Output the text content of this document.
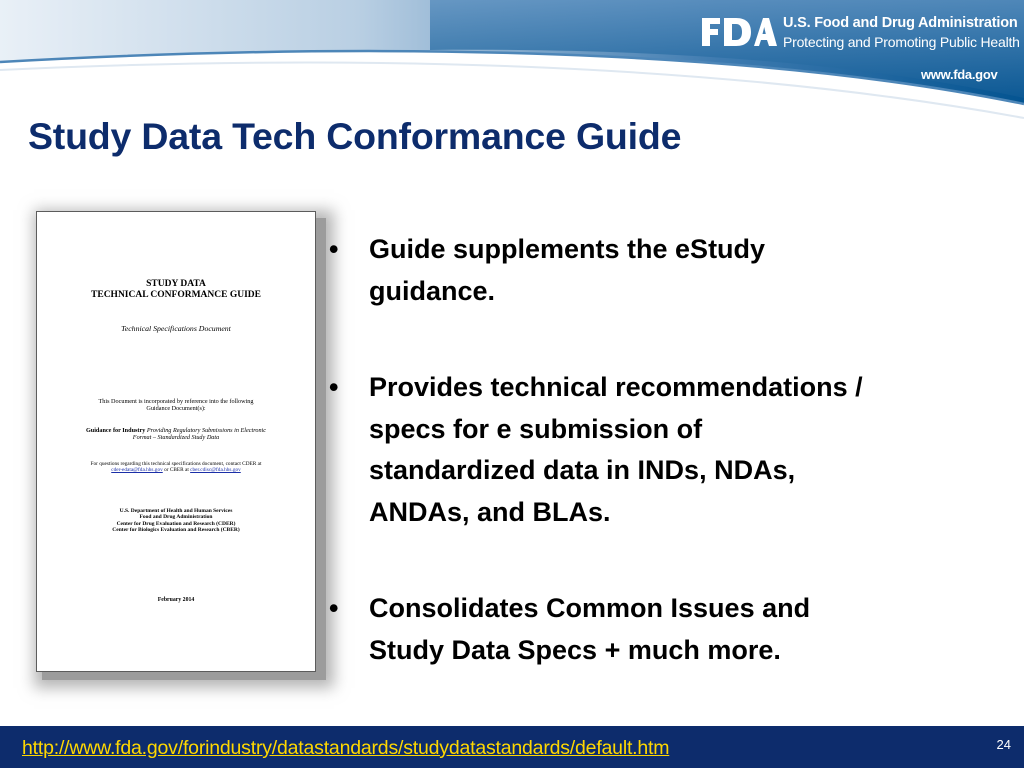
U.S. Food and Drug Administration
Protecting and Promoting Public Health
www.fda.gov
Study Data Tech Conformance Guide
STUDY DATA
TECHNICAL CONFORMANCE GUIDE
Technical Specifications Document
This Document is incorporated by reference into the following
Guidance Document(s):
Guidance for Industry Providing Regulatory Submissions in Electronic
Format – Standardized Study Data
For questions regarding this technical specifications document, contact CDER at
cder-edata@fda.hhs.gov or CBER at cber.cdisc@fda.hhs.gov
U.S. Department of Health and Human Services
Food and Drug Administration
Center for Drug Evaluation and Research (CDER)
Center for Biologics Evaluation and Research (CBER)
February 2014
• Guide supplements the eStudy
guidance.
• Provides technical recommendations /
specs for e submission of
standardized data in INDs, NDAs,
ANDAs, and BLAs.
• Consolidates Common Issues and
Study Data Specs + much more.
http://www.fda.gov/forindustry/datastandards/studydatastandards/default.htm	24
